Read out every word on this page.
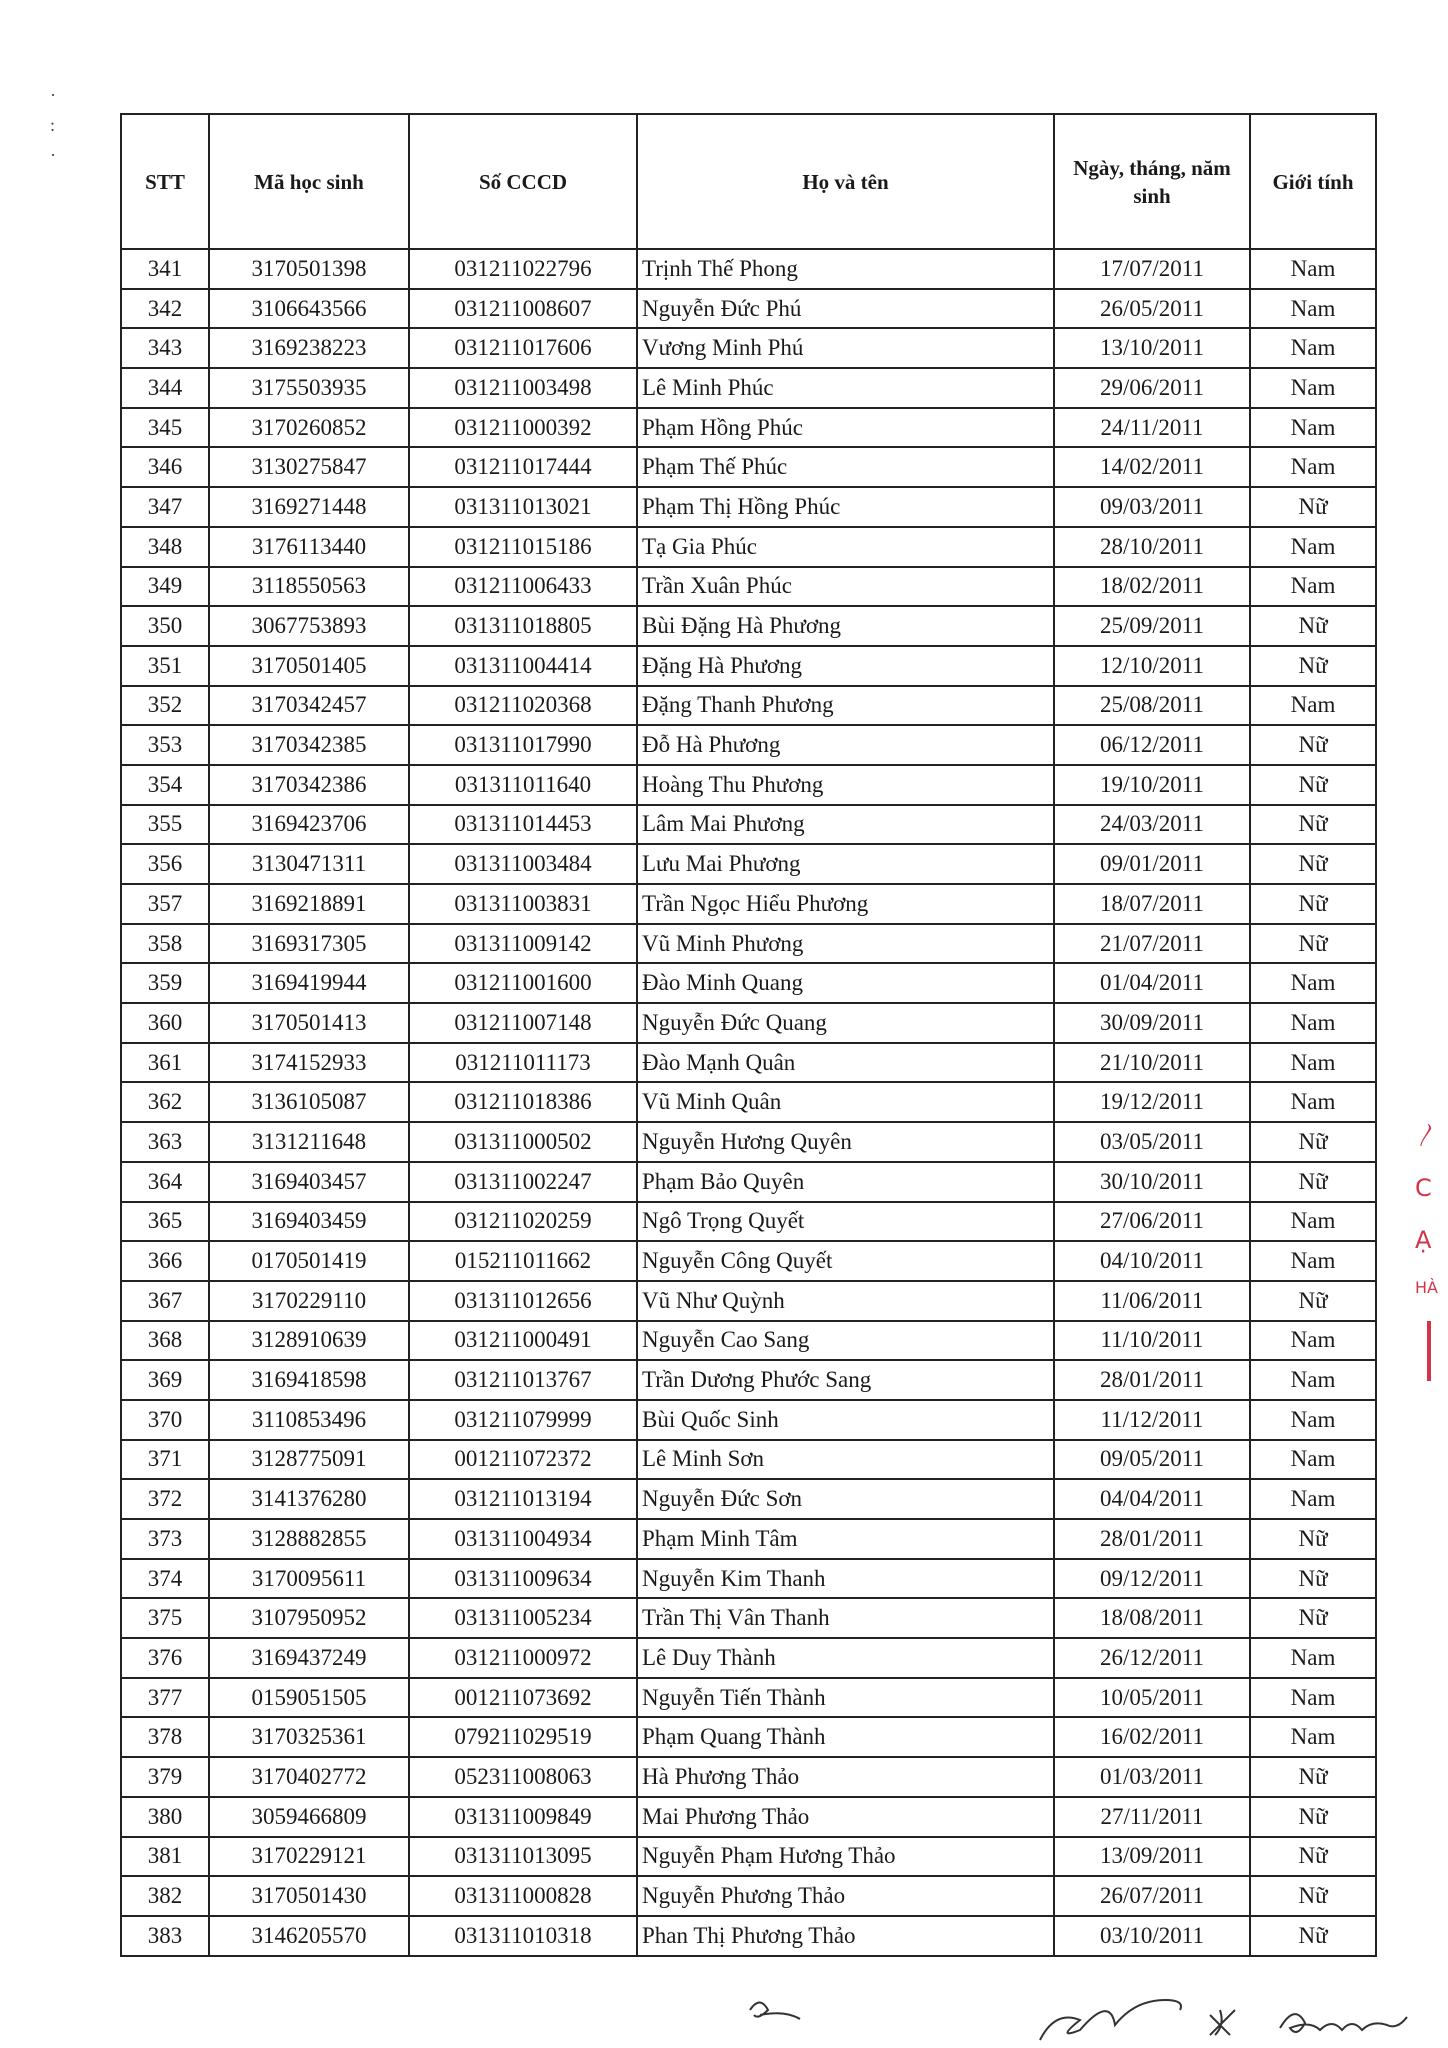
·
:
·
STT	Mã học sinh	Số CCCD	Họ và tên	Ngày, tháng, năm sinh	Giới tính
341	3170501398	031211022796	Trịnh Thế Phong	17/07/2011	Nam
342	3106643566	031211008607	Nguyễn Đức Phú	26/05/2011	Nam
343	3169238223	031211017606	Vương Minh Phú	13/10/2011	Nam
344	3175503935	031211003498	Lê Minh Phúc	29/06/2011	Nam
345	3170260852	031211000392	Phạm Hồng Phúc	24/11/2011	Nam
346	3130275847	031211017444	Phạm Thế Phúc	14/02/2011	Nam
347	3169271448	031311013021	Phạm Thị Hồng Phúc	09/03/2011	Nữ
348	3176113440	031211015186	Tạ Gia Phúc	28/10/2011	Nam
349	3118550563	031211006433	Trần Xuân Phúc	18/02/2011	Nam
350	3067753893	031311018805	Bùi Đặng Hà Phương	25/09/2011	Nữ
351	3170501405	031311004414	Đặng Hà Phương	12/10/2011	Nữ
352	3170342457	031211020368	Đặng Thanh Phương	25/08/2011	Nam
353	3170342385	031311017990	Đỗ Hà Phương	06/12/2011	Nữ
354	3170342386	031311011640	Hoàng Thu Phương	19/10/2011	Nữ
355	3169423706	031311014453	Lâm Mai Phương	24/03/2011	Nữ
356	3130471311	031311003484	Lưu Mai Phương	09/01/2011	Nữ
357	3169218891	031311003831	Trần Ngọc Hiểu Phương	18/07/2011	Nữ
358	3169317305	031311009142	Vũ Minh Phương	21/07/2011	Nữ
359	3169419944	031211001600	Đào Minh Quang	01/04/2011	Nam
360	3170501413	031211007148	Nguyễn Đức Quang	30/09/2011	Nam
361	3174152933	031211011173	Đào Mạnh Quân	21/10/2011	Nam
362	3136105087	031211018386	Vũ Minh Quân	19/12/2011	Nam
363	3131211648	031311000502	Nguyễn Hương Quyên	03/05/2011	Nữ
364	3169403457	031311002247	Phạm Bảo Quyên	30/10/2011	Nữ
365	3169403459	031211020259	Ngô Trọng Quyết	27/06/2011	Nam
366	0170501419	015211011662	Nguyễn Công Quyết	04/10/2011	Nam
367	3170229110	031311012656	Vũ Như Quỳnh	11/06/2011	Nữ
368	3128910639	031211000491	Nguyễn Cao Sang	11/10/2011	Nam
369	3169418598	031211013767	Trần Dương Phước Sang	28/01/2011	Nam
370	3110853496	031211079999	Bùi Quốc Sinh	11/12/2011	Nam
371	3128775091	001211072372	Lê Minh Sơn	09/05/2011	Nam
372	3141376280	031211013194	Nguyễn Đức Sơn	04/04/2011	Nam
373	3128882855	031311004934	Phạm Minh Tâm	28/01/2011	Nữ
374	3170095611	031311009634	Nguyễn Kim Thanh	09/12/2011	Nữ
375	3107950952	031311005234	Trần Thị Vân Thanh	18/08/2011	Nữ
376	3169437249	031211000972	Lê Duy Thành	26/12/2011	Nam
377	0159051505	001211073692	Nguyễn Tiến Thành	10/05/2011	Nam
378	3170325361	079211029519	Phạm Quang Thành	16/02/2011	Nam
379	3170402772	052311008063	Hà Phương Thảo	01/03/2011	Nữ
380	3059466809	031311009849	Mai Phương Thảo	27/11/2011	Nữ
381	3170229121	031311013095	Nguyễn Phạm Hương Thảo	13/09/2011	Nữ
382	3170501430	031311000828	Nguyễn Phương Thảo	26/07/2011	Nữ
383	3146205570	031311010318	Phan Thị Phương Thảo	03/10/2011	Nữ
〳
C
Ạ
HÀ
